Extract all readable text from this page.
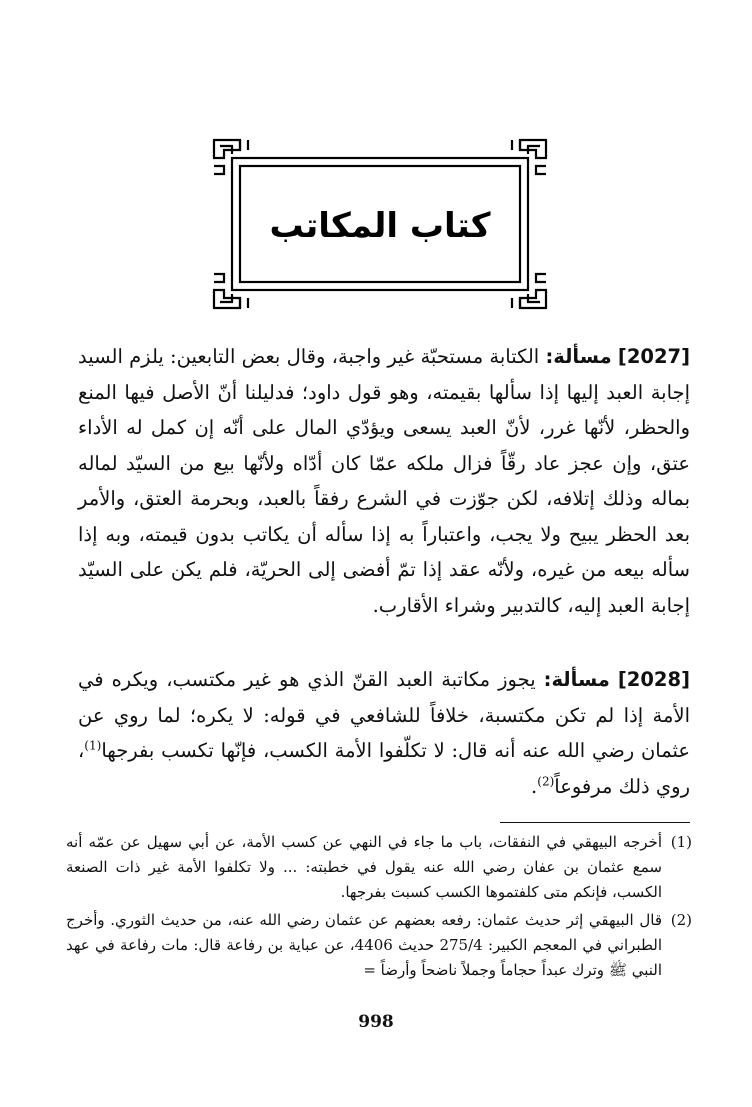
كتاب المكاتب
[2027] مسألة: الكتابة مستحبّة غير واجبة، وقال بعض التابعين: يلزم السيد إجابة العبد إليها إذا سألها بقيمته، وهو قول داود؛ فدليلنا أنّ الأصل فيها المنع والحظر، لأنّها غرر، لأنّ العبد يسعى ويؤدّي المال على أنّه إن كمل له الأداء عتق، وإن عجز عاد رقّاً فزال ملكه عمّا كان أدّاه ولأنّها بيع من السيّد لماله بماله وذلك إتلافه، لكن جوّزت في الشرع رفقاً بالعبد، وبحرمة العتق، والأمر بعد الحظر يبيح ولا يجب، واعتباراً به إذا سأله أن يكاتب بدون قيمته، وبه إذا سأله بيعه من غيره، ولأنّه عقد إذا تمّ أفضى إلى الحريّة، فلم يكن على السيّد إجابة العبد إليه، كالتدبير وشراء الأقارب.
[2028] مسألة: يجوز مكاتبة العبد القنّ الذي هو غير مكتسب، ويكره في الأمة إذا لم تكن مكتسبة، خلافاً للشافعي في قوله: لا يكره؛ لما روي عن عثمان رضي الله عنه أنه قال: لا تكلّفوا الأمة الكسب، فإنّها تكسب بفرجها$^{(1)}$، روي ذلك مرفوعاً$^{(2)}$.
(1)
أخرجه البيهقي في النفقات، باب ما جاء في النهي عن كسب الأمة، عن أبي سهيل عن عمّه أنه سمع عثمان بن عفان رضي الله عنه يقول في خطبته: ... ولا تكلفوا الأمة غير ذات الصنعة الكسب، فإنكم متى كلفتموها الكسب كسبت بفرجها.
(2)
قال البيهقي إثر حديث عثمان: رفعه بعضهم عن عثمان رضي الله عنه، من حديث الثوري. وأخرج الطبراني في المعجم الكبير: 275/4 حديث 4406، عن عباية بن رفاعة قال: مات رفاعة في عهد النبي ﷺ وترك عبداً حجاماً وجملاً ناضحاً وأرضاً =
998
